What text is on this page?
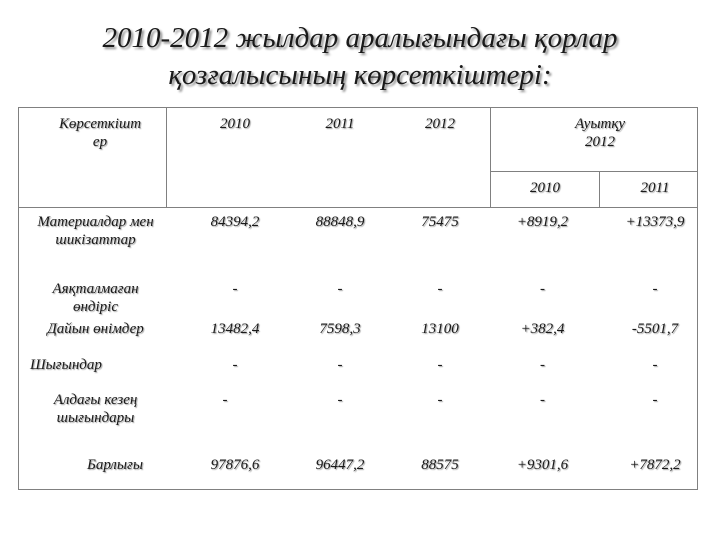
2010-2012 жылдар аралығындағы қорлар
қозғалысының көрсеткіштері:
Көрсеткішт
ер
2010	2011	2012	Ауытқу
2012
2010	2011
Материалдар мен
шикізаттар
84394,2	88848,9	75475	+8919,2	+13373,9
Аяқталмаған
өндіріс
-	-	-	-	-
Дайын өнімдер	13482,4	7598,3	13100	+382,4	-5501,7
Шығындар	-	-	-	-	-
Алдағы кезең
шығындары
-	-	-	-	-
Барлығы	97876,6	96447,2	88575	+9301,6	+7872,2
